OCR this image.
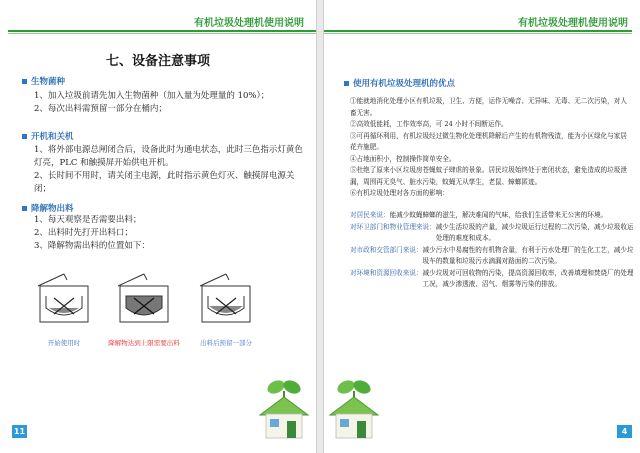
有机垃圾处理机使用说明
七、设备注意事项
生物菌种
1、加入垃圾前请先加入生物菌种（加入量为处理量的 10%）；
2、每次出料需预留一部分在桶内；
开机和关机
1、将外部电源总闸闭合后，设备此时为通电状态，此时三色指示灯黄色灯亮，PLC 和触摸屏开始供电开机。
2、长时间不用时，请关闭主电源，此时指示黄色灯灭、触摸屏电源关闭；
降解物出料
1、每天观察是否需要出料；
2、出料时先打开出料口；
3、降解物需出料的位置如下：
开始使用时	降解物达到上限需要出料	出料后预留一部分
11
有机垃圾处理机使用说明
使用有机垃圾处理机的优点

①能就地消化处理小区有机垃圾，卫生、方便，运作无噪音、无异味、无毒、无二次污染，对人畜无害。

②高效低能耗，工作效率高，可 24 小时不间断运作。

③可再循环利用，有机垃圾经过微生物化处理机降解后产生的有机物残渣，能为小区绿化与家居花卉施肥。

④占地面积小，控制操作简单安全。

⑤杜绝了原来小区垃圾房苍蝇蚊子肆虐的景象。居民垃圾始终处于密闭状态，避免造成的垃圾泄漏，周围再无臭气、脏水污染，蚊蝇无从孳生，老鼠、蟑螂匿迹。

⑥有机垃圾处理对各方面的影响：

对居民来说： 能减少蚊蝇蟑螂的滋生，解决难闻的气味，给我们生活带来无公害的环境。
对环卫部门和物业管理来说： 减少生活垃圾的产量，减少垃圾运行过程的二次污染，减少垃圾收运处理的难度和成本。
对市政和交管部门来说： 减少污水中易腐性的有机物含量，有利于污水处理厂的生化工艺，减少垃圾车的数量和垃圾污水滴漏对路面的二次污染。
对环境和资源回收来说： 减少垃圾对可回收物的污染，提高资源回收率，改善填埋和焚烧厂的处理工况，减少渗透液、沼气、烟雾等污染的排放。
4
